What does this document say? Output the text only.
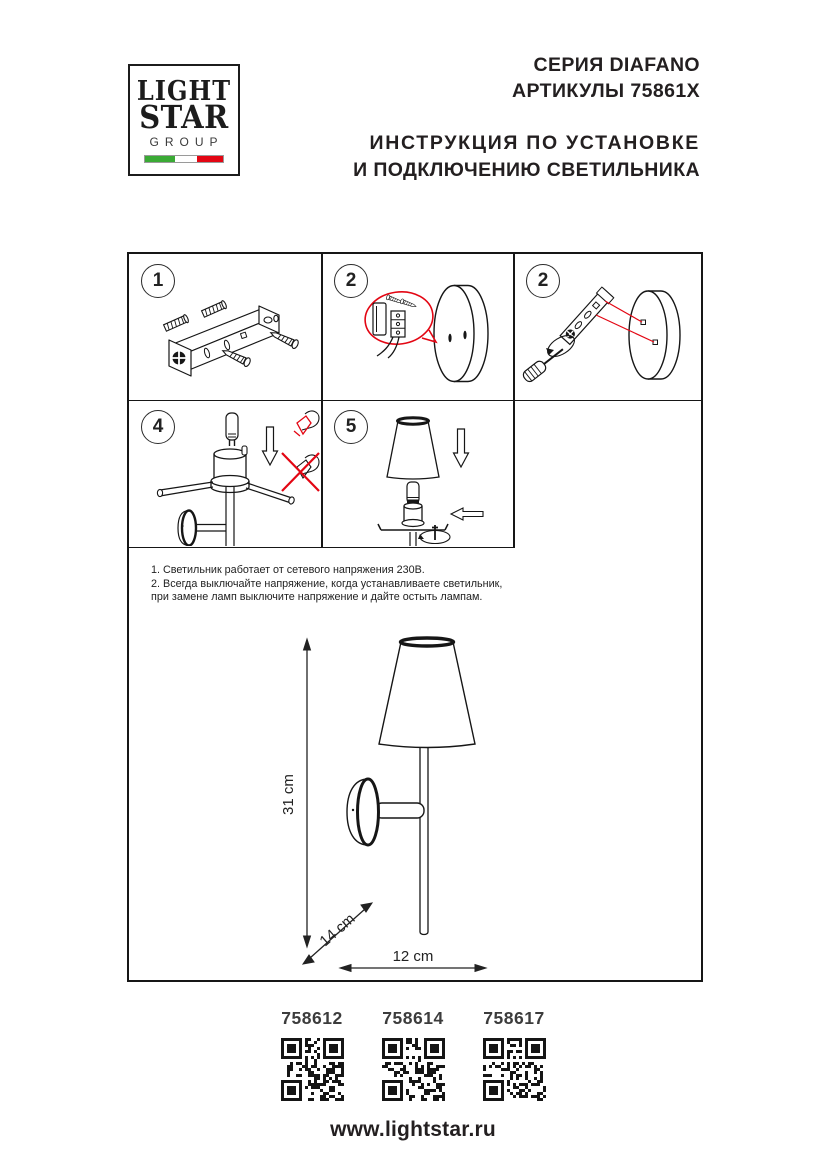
LIGHT
STAR
GROUP
СЕРИЯ DIAFANO
АРТИКУЛЫ 75861Х
ИНСТРУКЦИЯ ПО УСТАНОВКЕ
И ПОДКЛЮЧЕНИЮ СВЕТИЛЬНИКА
1	2	2
4	5
1. Светильник работает от сетевого напряжения 230В.
2. Всегда выключайте напряжение, когда устанавливаете светильник,
при замене ламп выключите напряжение и дайте остыть лампам.
31 cm
14 cm
12 cm
758612 758614 758617
www.lightstar.ru
